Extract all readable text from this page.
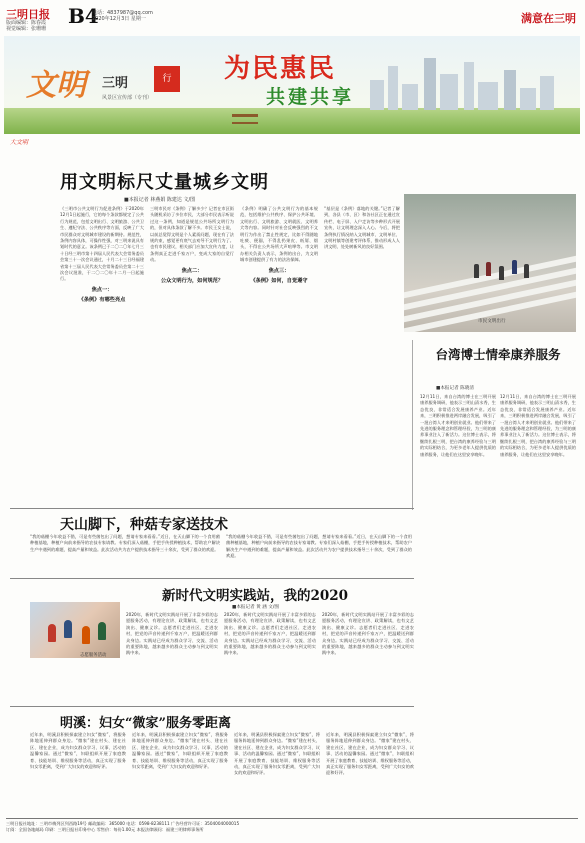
三明日报 B4
版面编辑：陈春霞
视觉编辑：张珊珊
电话：4837987@qq.com
2020年12月3日 星期一	满意在三明
文明 三明	行
风景区宣传部（专刊）
为民惠民
共建共享
大文明
用文明标尺丈量城乡文明
■本报记者 林燕娟 陈建达 文/图
《三明市公共文明行为促进条例》于2020年12月1日起施行，它的每个条款都规定了公共行为规范，包括文明出行、文明旅游、公共卫生、遵纪守法、公共秩序等方面，反映了广大市民群众对文明城市建设的新期待。规范性，条例内容具体，可操作性强，对三明来说具有划时代的意义。该条例已于二〇二〇年七月三十日经三明市第十四届人民代表大会常务委员会第三十一次会议通过，十月二十三日经福建省第十三届人民代表大会常务委员会第二十三次会议批准，于二〇二〇年十二月一日起施行。
焦点一：
《条例》有哪些亮点
三明市民对《条例》了解多少？记者在市区街头随机采访了多位市民，大部分市民表示听说过这一条例，知道是规范公共场所文明行为的，但对具体条款了解不多。市民王女士说，以前总觉得文明是个人素质问题，现在有了法规约束，感觉更有底气去劝导不文明行为了。也有市民建议，相关部门应加大宣传力度，让条例真正走进千家万户，变成大家的自觉行动。
焦点二：
公众文明行为，如何规范？
《条例》明确了公共文明行为的基本规范，包括维护公共秩序、保护公共环境、文明出行、文明旅游、文明就医、文明养犬等内容。同时针对社会反映强烈的不文明行为作出了禁止性规定，比如不得随地吐痰、便溺，不得乱扔果皮、纸屑、烟头，不得在公共场所大声喧哗等。市文明办相关负责人表示，条例的出台，为文明城市创建提供了有力的法治保障。
焦点三：
《条例》如何，自觉遵守
“基层是《条例》落地的关键。”记者了解到，各县（市、区）和各社区正在通过宣传栏、电子屏、入户走访等多种形式开展宣传，让文明理念深入人心。今后，将把条例执行情况纳入文明城市、文明单位、文明村镇等创建考评体系，推动形成人人讲文明、处处树新风的良好氛围。
市民文明出行
台湾博士情牵康养服务
■本报记者 陈晓清
12月11日，来自台湾的博士在三明开展康养服务调研，他表示三明山清水秀，生态优良，非常适合发展康养产业。近年来，三明积极推进两岸融合发展，吸引了一批台湾人才来明创业就业。他们带来了先进的服务理念和管理经验，为三明的康养事业注入了新活力。这位博士表示，将继续扎根三明，把台湾的康养经验与三明的实际相结合，为更多老年人提供优质的康养服务，让他们在这里安享晚年。
12月11日，来自台湾的博士在三明开展康养服务调研，他表示三明山清水秀，生态优良，非常适合发展康养产业。近年来，三明积极推进两岸融合发展，吸引了一批台湾人才来明创业就业。他们带来了先进的服务理念和管理经验，为三明的康养事业注入了新活力。这位博士表示，将继续扎根三明，把台湾的康养经验与三明的实际相结合，为更多老年人提供优质的康养服务，让他们在这里安享晚年。
天山脚下，种菇专家送技术
“我的菇棚今年收益不错，可是有些菌包出了问题，想请专家来看看。”近日，在天山脚下的一个食用菌种植基地，种植户向前来指导的农技专家请教。专家们深入菇棚，手把手传授种植技术，帮助农户解决生产中遇到的难题，提高产量和效益。此次活动共为农户提供技术指导三十余次，受到了群众的欢迎。
“我的菇棚今年收益不错，可是有些菌包出了问题，想请专家来看看。”近日，在天山脚下的一个食用菌种植基地，种植户向前来指导的农技专家请教。专家们深入菇棚，手把手传授种植技术，帮助农户解决生产中遇到的难题，提高产量和效益。此次活动共为农户提供技术指导三十余次，受到了群众的欢迎。
新时代文明实践站，我的2020
■本报记者 黄 涵 文/图
志愿服务活动
2020年，新时代文明实践站开展了丰富多彩的志愿服务活动，有理论宣讲、政策解读，也有文艺演出、健康义诊。志愿者们走进社区、走进农村，把党的声音传递到千家万户，把温暖送到群众身边。实践站已经成为群众学习、交流、活动的重要阵地，越来越多的群众主动参与到文明实践中来。
2020年，新时代文明实践站开展了丰富多彩的志愿服务活动，有理论宣讲、政策解读，也有文艺演出、健康义诊。志愿者们走进社区、走进农村，把党的声音传递到千家万户，把温暖送到群众身边。实践站已经成为群众学习、交流、活动的重要阵地，越来越多的群众主动参与到文明实践中来。
2020年，新时代文明实践站开展了丰富多彩的志愿服务活动，有理论宣讲、政策解读，也有文艺演出、健康义诊。志愿者们走进社区、走进农村，把党的声音传递到千家万户，把温暖送到群众身边。实践站已经成为群众学习、交流、活动的重要阵地，越来越多的群众主动参与到文明实践中来。
明溪：妇女“微家”服务零距离
近年来，明溪县积极探索建立妇女“微家”，将服务阵地延伸到群众身边。“微家”建在村头、建在社区、建在企业，成为妇女群众学习、议事、活动的温馨家园。通过“微家”，妇联组织开展了家庭教育、技能培训、维权服务等活动，真正实现了服务妇女零距离，受到广大妇女的欢迎和好评。
近年来，明溪县积极探索建立妇女“微家”，将服务阵地延伸到群众身边。“微家”建在村头、建在社区、建在企业，成为妇女群众学习、议事、活动的温馨家园。通过“微家”，妇联组织开展了家庭教育、技能培训、维权服务等活动，真正实现了服务妇女零距离，受到广大妇女的欢迎和好评。
近年来，明溪县积极探索建立妇女“微家”，将服务阵地延伸到群众身边。“微家”建在村头、建在社区、建在企业，成为妇女群众学习、议事、活动的温馨家园。通过“微家”，妇联组织开展了家庭教育、技能培训、维权服务等活动，真正实现了服务妇女零距离，受到广大妇女的欢迎和好评。
近年来，明溪县积极探索建立妇女“微家”，将服务阵地延伸到群众身边。“微家”建在村头、建在社区、建在企业，成为妇女群众学习、议事、活动的温馨家园。通过“微家”，妇联组织开展了家庭教育、技能培训、维权服务等活动，真正实现了服务妇女零距离，受到广大妇女的欢迎和好评。
三明日报社地址：三明市梅列区列西路19号 邮政编码：365000 电话：0598-8238111 广告经营许可证：3504004000015
订阅：全国各地邮局 印刷：三明日报社印务中心 零售价：每份1.00元 本报法律顾问：福建三明律师事务所
